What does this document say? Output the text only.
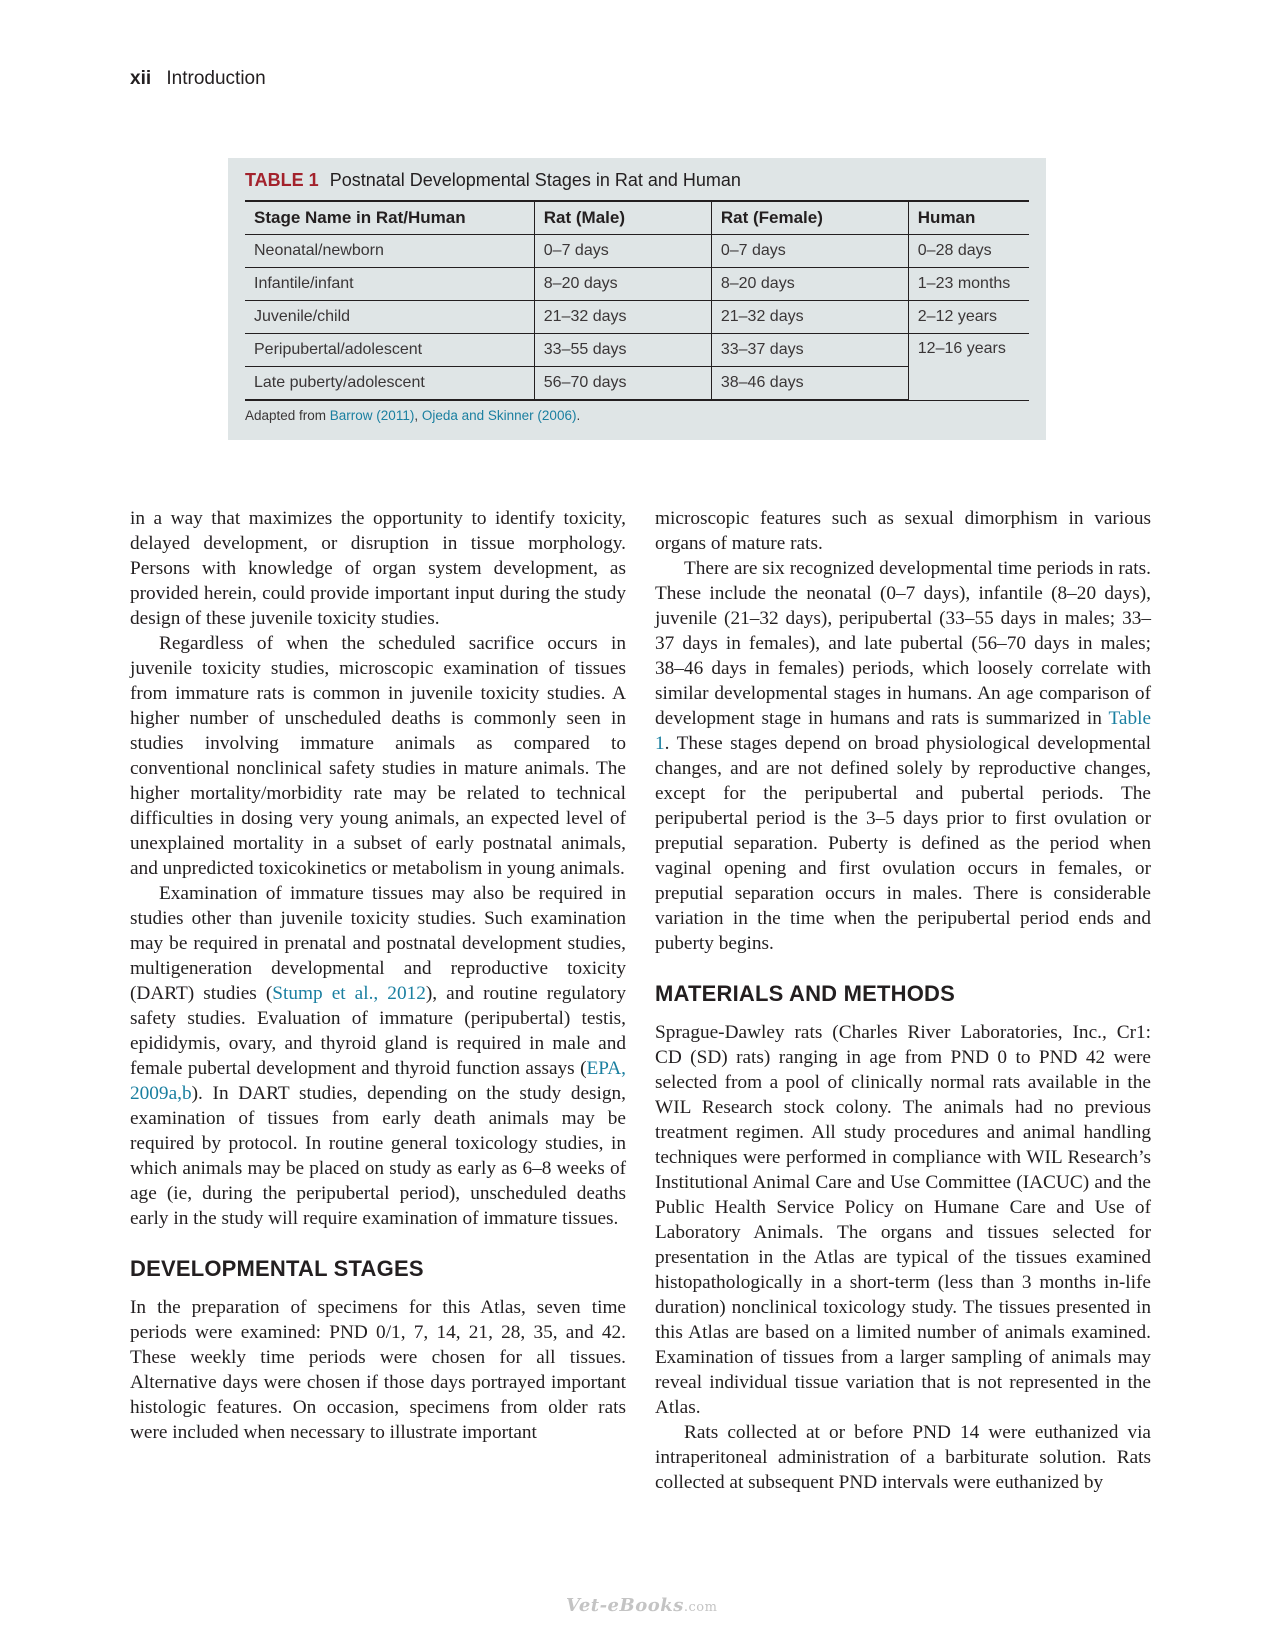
xii Introduction
TABLE 1 Postnatal Developmental Stages in Rat and Human
Stage Name in Rat/Human	Rat (Male)	Rat (Female)	Human
Neonatal/newborn	0–7 days	0–7 days	0–28 days
Infantile/infant	8–20 days	8–20 days	1–23 months
Juvenile/child	21–32 days	21–32 days	2–12 years
Peripubertal/adolescent	33–55 days	33–37 days	12–16 years
Late puberty/adolescent	56–70 days	38–46 days	
Adapted from Barrow (2011), Ojeda and Skinner (2006).

in a way that maximizes the opportunity to identify toxicity, delayed development, or disruption in tissue morphology. Persons with knowledge of organ system development, as provided herein, could provide important input during the study design of these juvenile toxicity studies.

Regardless of when the scheduled sacrifice occurs in juvenile toxicity studies, microscopic examination of tissues from immature rats is common in juvenile toxicity studies. A higher number of unscheduled deaths is commonly seen in studies involving immature animals as compared to conventional nonclinical safety studies in mature animals. The higher mortality/morbidity rate may be related to technical difficulties in dosing very young animals, an expected level of unexplained mortality in a subset of early postnatal animals, and unpredicted toxicokinetics or metabolism in young animals.

Examination of immature tissues may also be required in studies other than juvenile toxicity studies. Such examination may be required in prenatal and postnatal development studies, multigeneration developmental and reproductive toxicity (DART) studies (Stump et al., 2012), and routine regulatory safety studies. Evaluation of immature (peripubertal) testis, epididymis, ovary, and thyroid gland is required in male and female pubertal development and thyroid function assays (EPA, 2009a,b). In DART studies, depending on the study design, examination of tissues from early death animals may be required by protocol. In routine general toxicology studies, in which animals may be placed on study as early as 6–8 weeks of age (ie, during the peripubertal period), unscheduled deaths early in the study will require examination of immature tissues.

DEVELOPMENTAL STAGES

In the preparation of specimens for this Atlas, seven time periods were examined: PND 0/1, 7, 14, 21, 28, 35, and 42. These weekly time periods were chosen for all tissues. Alternative days were chosen if those days portrayed important histologic features. On occasion, specimens from older rats were included when necessary to illustrate important

microscopic features such as sexual dimorphism in various organs of mature rats.

There are six recognized developmental time periods in rats. These include the neonatal (0–7 days), infantile (8–20 days), juvenile (21–32 days), peripubertal (33–55 days in males; 33–37 days in females), and late pubertal (56–70 days in males; 38–46 days in females) periods, which loosely correlate with similar developmental stages in humans. An age comparison of development stage in humans and rats is summarized in Table 1. These stages depend on broad physiological developmental changes, and are not defined solely by reproductive changes, except for the peripubertal and pubertal periods. The peripubertal period is the 3–5 days prior to first ovulation or preputial separation. Puberty is defined as the period when vaginal opening and first ovulation occurs in females, or preputial separation occurs in males. There is considerable variation in the time when the peripubertal period ends and puberty begins.

MATERIALS AND METHODS

Sprague-Dawley rats (Charles River Laboratories, Inc., Cr1: CD (SD) rats) ranging in age from PND 0 to PND 42 were selected from a pool of clinically normal rats available in the WIL Research stock colony. The animals had no previous treatment regimen. All study procedures and animal handling techniques were performed in compliance with WIL Research’s Institutional Animal Care and Use Committee (IACUC) and the Public Health Service Policy on Humane Care and Use of Laboratory Animals. The organs and tissues selected for presentation in the Atlas are typical of the tissues examined histopathologically in a short-term (less than 3 months in-life duration) nonclinical toxicology study. The tissues presented in this Atlas are based on a limited number of animals examined. Examination of tissues from a larger sampling of animals may reveal individual tissue variation that is not represented in the Atlas.

Rats collected at or before PND 14 were euthanized via intraperitoneal administration of a barbiturate solution. Rats collected at subsequent PND intervals were euthanized by

Vet-eBooks.com
